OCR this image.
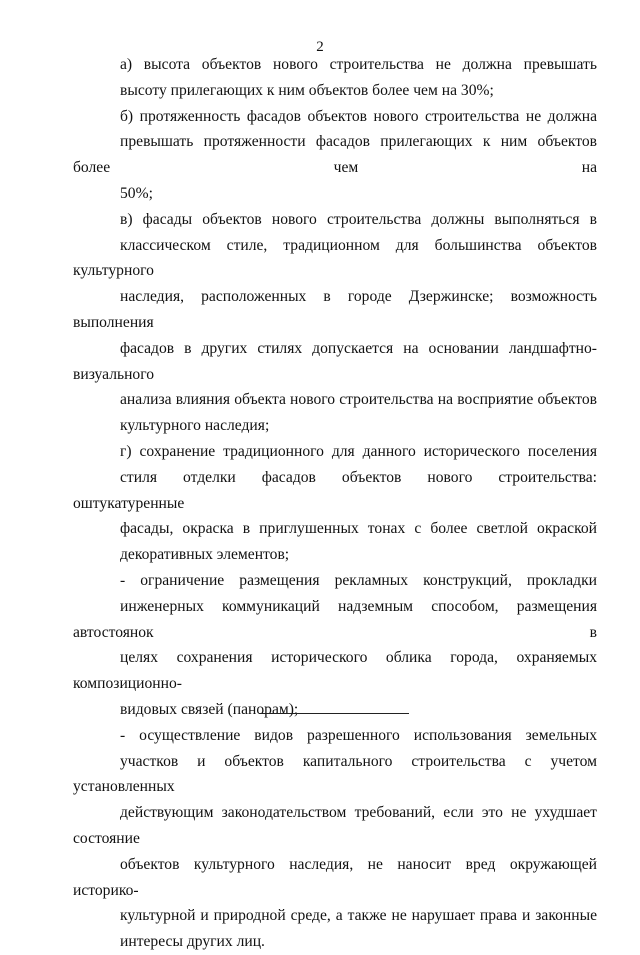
2

а) высота объектов нового строительства не должна превышать
высоту прилегающих к ним объектов более чем на 30%;

б) протяженность фасадов объектов нового строительства не должна
превышать протяженности фасадов прилегающих к ним объектов более чем на
50%;

в) фасады объектов нового строительства должны выполняться в
классическом стиле, традиционном для большинства объектов культурного
наследия, расположенных в городе Дзержинске; возможность выполнения
фасадов в других стилях допускается на основании ландшафтно-визуального
анализа влияния объекта нового строительства на восприятие объектов
культурного наследия;

г) сохранение традиционного для данного исторического поселения
стиля отделки фасадов объектов нового строительства: оштукатуренные
фасады, окраска в приглушенных тонах с более светлой окраской
декоративных элементов;

- ограничение размещения рекламных конструкций, прокладки
инженерных коммуникаций надземным способом, размещения автостоянок в
целях сохранения исторического облика города, охраняемых композиционно-
видовых связей (панорам);

- осуществление видов разрешенного использования земельных
участков и объектов капитального строительства с учетом установленных
действующим законодательством требований, если это не ухудшает состояние
объектов культурного наследия, не наносит вред окружающей историко-
культурной и природной среде, а также не нарушает права и законные
интересы других лиц.
